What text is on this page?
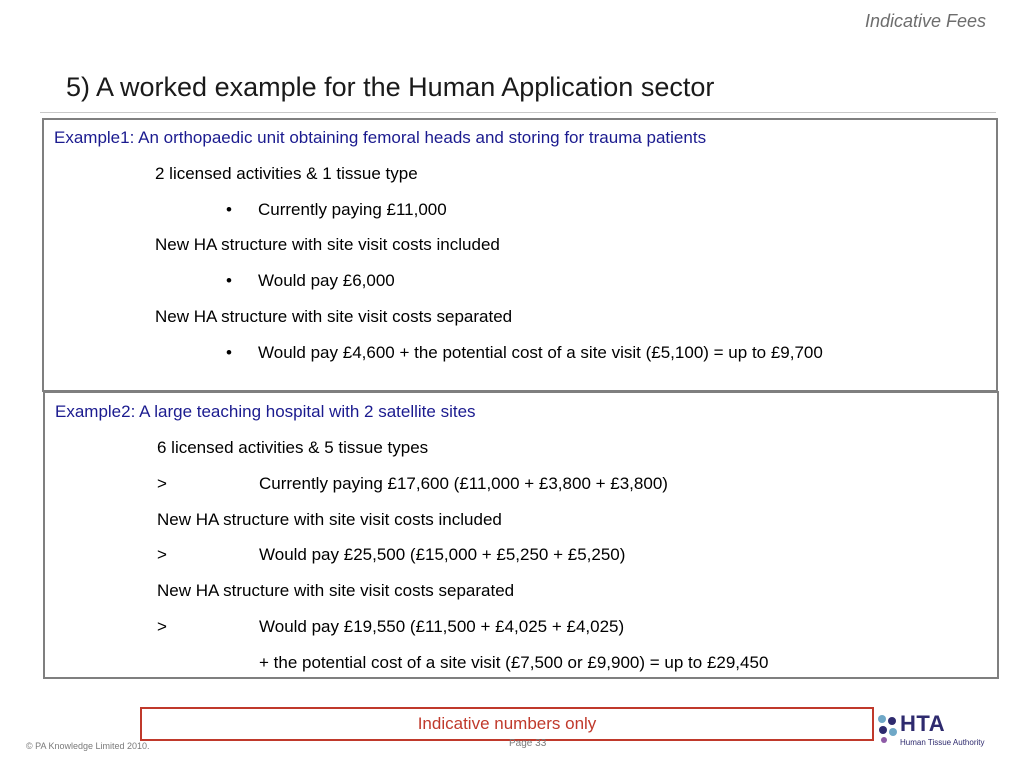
Indicative Fees
5) A worked example for the Human Application sector
Example1: An orthopaedic unit obtaining femoral heads and storing for trauma patients
2 licensed activities & 1 tissue type
• Currently paying £11,000
New HA structure with site visit costs included
• Would pay £6,000
New HA structure with site visit costs separated
• Would pay £4,600 + the potential cost of a site visit (£5,100) = up to £9,700
Example2: A large teaching hospital with 2 satellite sites
6 licensed activities & 5 tissue types
>	Currently paying £17,600 (£11,000 + £3,800 + £3,800)
New HA structure with site visit costs included
>	Would pay £25,500 (£15,000 + £5,250 + £5,250)
New HA structure with site visit costs separated
>	Would pay £19,550 (£11,500 + £4,025 + £4,025)
+ the potential cost of a site visit (£7,500 or £9,900) = up to £29,450
Indicative numbers only
© PA Knowledge Limited 2010.	Page 33
HTA
Human Tissue Authority
